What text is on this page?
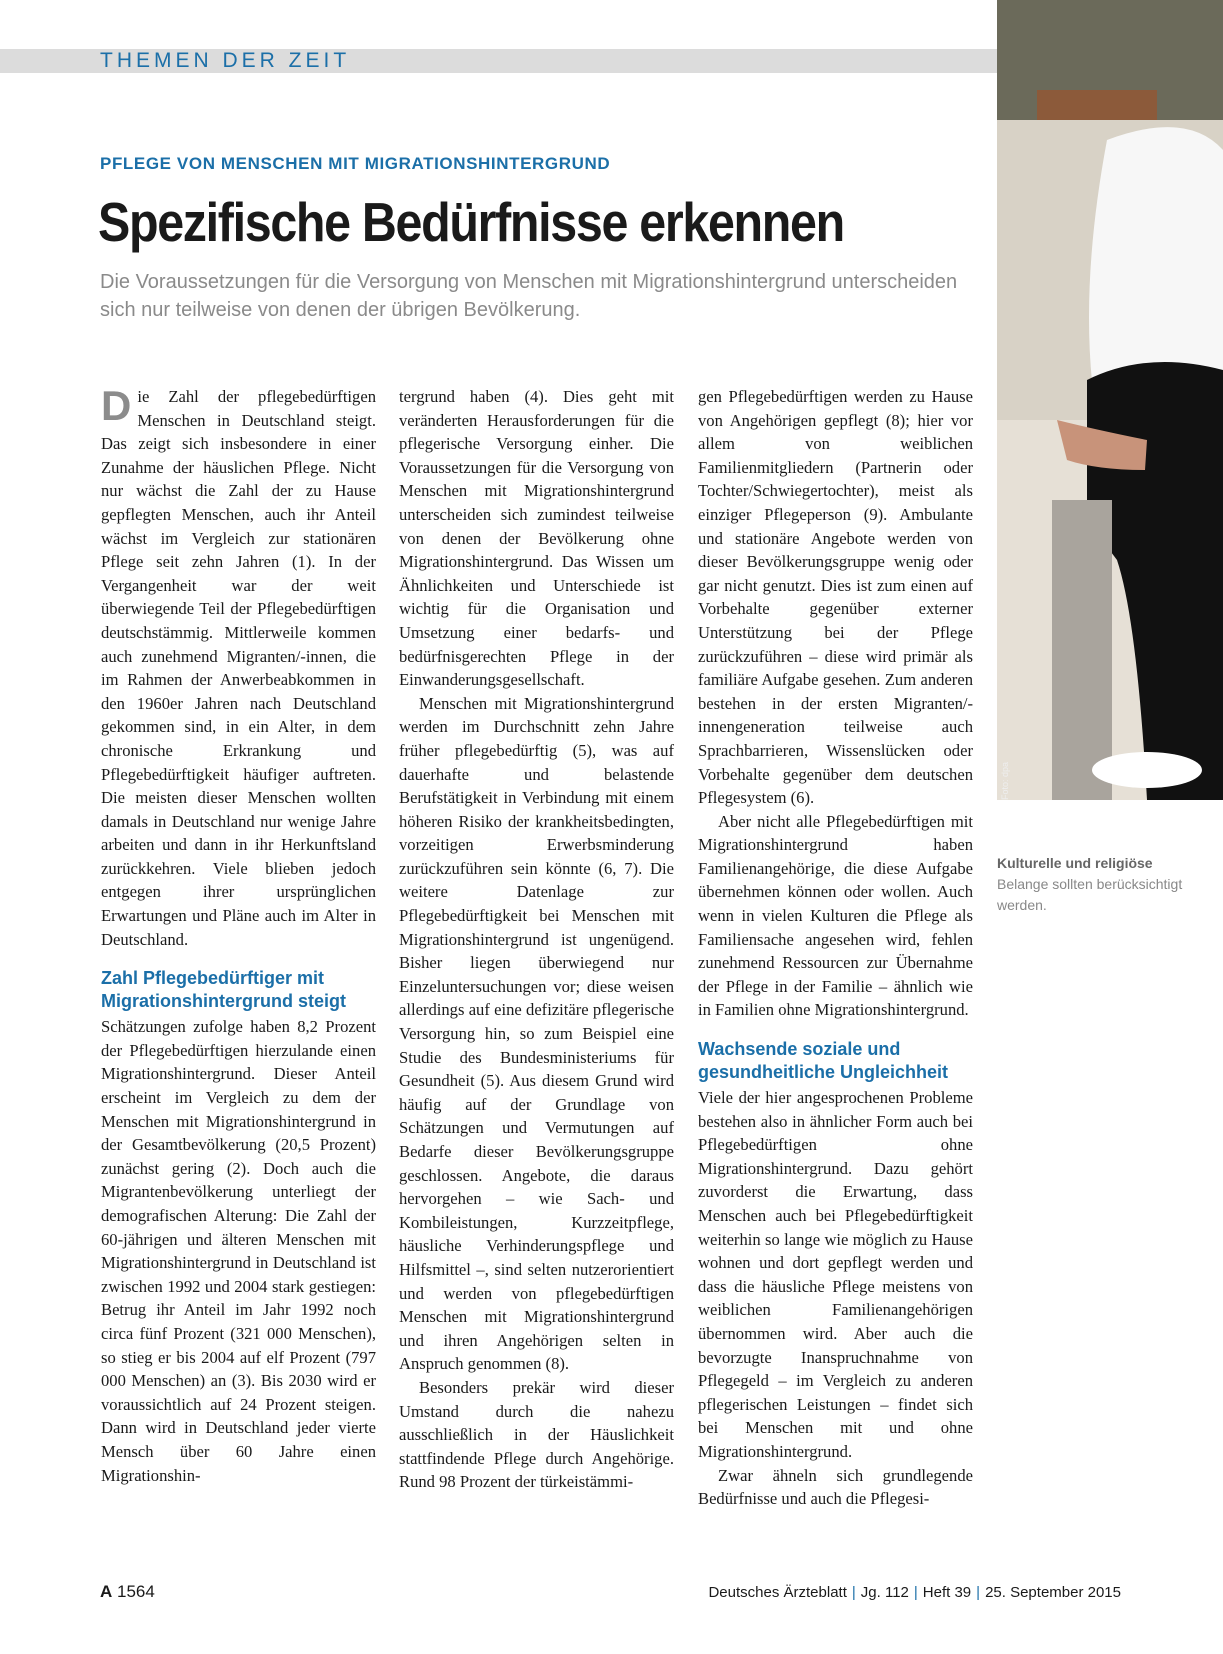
THEMEN DER ZEIT
PFLEGE VON MENSCHEN MIT MIGRATIONSHINTERGRUND
Spezifische Bedürfnisse erkennen
Die Voraussetzungen für die Versorgung von Menschen mit Migrationshintergrund unterscheiden sich nur teilweise von denen der übrigen Bevölkerung.

Die Zahl der pflegebedürftigen Menschen in Deutschland steigt. Das zeigt sich insbesondere in einer Zunahme der häuslichen Pflege. Nicht nur wächst die Zahl der zu Hause gepflegten Menschen, auch ihr Anteil wächst im Vergleich zur stationären Pflege seit zehn Jahren (1). In der Vergangenheit war der weit überwiegende Teil der Pflegebedürftigen deutschstämmig. Mittlerweile kommen auch zunehmend Migranten/-innen, die im Rahmen der Anwerbeabkommen in den 1960er Jahren nach Deutschland gekommen sind, in ein Alter, in dem chronische Erkrankung und Pflegebedürftigkeit häufiger auftreten. Die meisten dieser Menschen wollten damals in Deutschland nur wenige Jahre arbeiten und dann in ihr Herkunftsland zurückkehren. Viele blieben jedoch entgegen ihrer ursprünglichen Erwartungen und Pläne auch im Alter in Deutschland.

Zahl Pflegebedürftiger mit Migrationshintergrund steigt

Schätzungen zufolge haben 8,2 Prozent der Pflegebedürftigen hierzulande einen Migrationshintergrund. Dieser Anteil erscheint im Vergleich zu dem der Menschen mit Migrationshintergrund in der Gesamtbevölkerung (20,5 Prozent) zunächst gering (2). Doch auch die Migrantenbevölkerung unterliegt der demografischen Alterung: Die Zahl der 60-jährigen und älteren Menschen mit Migrationshintergrund in Deutschland ist zwischen 1992 und 2004 stark gestiegen: Betrug ihr Anteil im Jahr 1992 noch circa fünf Prozent (321 000 Menschen), so stieg er bis 2004 auf elf Prozent (797 000 Menschen) an (3). Bis 2030 wird er voraussichtlich auf 24 Prozent steigen. Dann wird in Deutschland jeder vierte Mensch über 60 Jahre einen Migrationshin-

tergrund haben (4). Dies geht mit veränderten Herausforderungen für die pflegerische Versorgung einher. Die Voraussetzungen für die Versorgung von Menschen mit Migrationshintergrund unterscheiden sich zumindest teilweise von denen der Bevölkerung ohne Migrationshintergrund. Das Wissen um Ähnlichkeiten und Unterschiede ist wichtig für die Organisation und Umsetzung einer bedarfs- und bedürfnisgerechten Pflege in der Einwanderungsgesellschaft.

Menschen mit Migrationshintergrund werden im Durchschnitt zehn Jahre früher pflegebedürftig (5), was auf dauerhafte und belastende Berufstätigkeit in Verbindung mit einem höheren Risiko der krankheitsbedingten, vorzeitigen Erwerbsminderung zurückzuführen sein könnte (6, 7). Die weitere Datenlage zur Pflegebedürftigkeit bei Menschen mit Migrationshintergrund ist ungenügend. Bisher liegen überwiegend nur Einzeluntersuchungen vor; diese weisen allerdings auf eine defizitäre pflegerische Versorgung hin, so zum Beispiel eine Studie des Bundesministeriums für Gesundheit (5). Aus diesem Grund wird häufig auf der Grundlage von Schätzungen und Vermutungen auf Bedarfe dieser Bevölkerungsgruppe geschlossen. Angebote, die daraus hervorgehen – wie Sach- und Kombileistungen, Kurzzeitpflege, häusliche Verhinderungspflege und Hilfsmittel –, sind selten nutzerorientiert und werden von pflegebedürftigen Menschen mit Migrationshintergrund und ihren Angehörigen selten in Anspruch genommen (8).

Besonders prekär wird dieser Umstand durch die nahezu ausschließlich in der Häuslichkeit stattfindende Pflege durch Angehörige. Rund 98 Prozent der türkeistämmi-

gen Pflegebedürftigen werden zu Hause von Angehörigen gepflegt (8); hier vor allem von weiblichen Familienmitgliedern (Partnerin oder Tochter/Schwiegertochter), meist als einziger Pflegeperson (9). Ambulante und stationäre Angebote werden von dieser Bevölkerungsgruppe wenig oder gar nicht genutzt. Dies ist zum einen auf Vorbehalte gegenüber externer Unterstützung bei der Pflege zurückzuführen – diese wird primär als familiäre Aufgabe gesehen. Zum anderen bestehen in der ersten Migranten/-innengeneration teilweise auch Sprachbarrieren, Wissenslücken oder Vorbehalte gegenüber dem deutschen Pflegesystem (6).

Aber nicht alle Pflegebedürftigen mit Migrationshintergrund haben Familienangehörige, die diese Aufgabe übernehmen können oder wollen. Auch wenn in vielen Kulturen die Pflege als Familiensache angesehen wird, fehlen zunehmend Ressourcen zur Übernahme der Pflege in der Familie – ähnlich wie in Familien ohne Migrationshintergrund.

Wachsende soziale und gesundheitliche Ungleichheit

Viele der hier angesprochenen Probleme bestehen also in ähnlicher Form auch bei Pflegebedürftigen ohne Migrationshintergrund. Dazu gehört zuvorderst die Erwartung, dass Menschen auch bei Pflegebedürftigkeit weiterhin so lange wie möglich zu Hause wohnen und dort gepflegt werden und dass die häusliche Pflege meistens von weiblichen Familienangehörigen übernommen wird. Aber auch die bevorzugte Inanspruchnahme von Pflegegeld – im Vergleich zu anderen pflegerischen Leistungen – findet sich bei Menschen mit und ohne Migrationshintergrund.

Zwar ähneln sich grundlegende Bedürfnisse und auch die Pflegesi-

Foto: dpa
Kulturelle und religiöse Belange sollten berücksichtigt werden.
A 1564	Deutsches Ärzteblatt | Jg. 112 | Heft 39 | 25. September 2015
